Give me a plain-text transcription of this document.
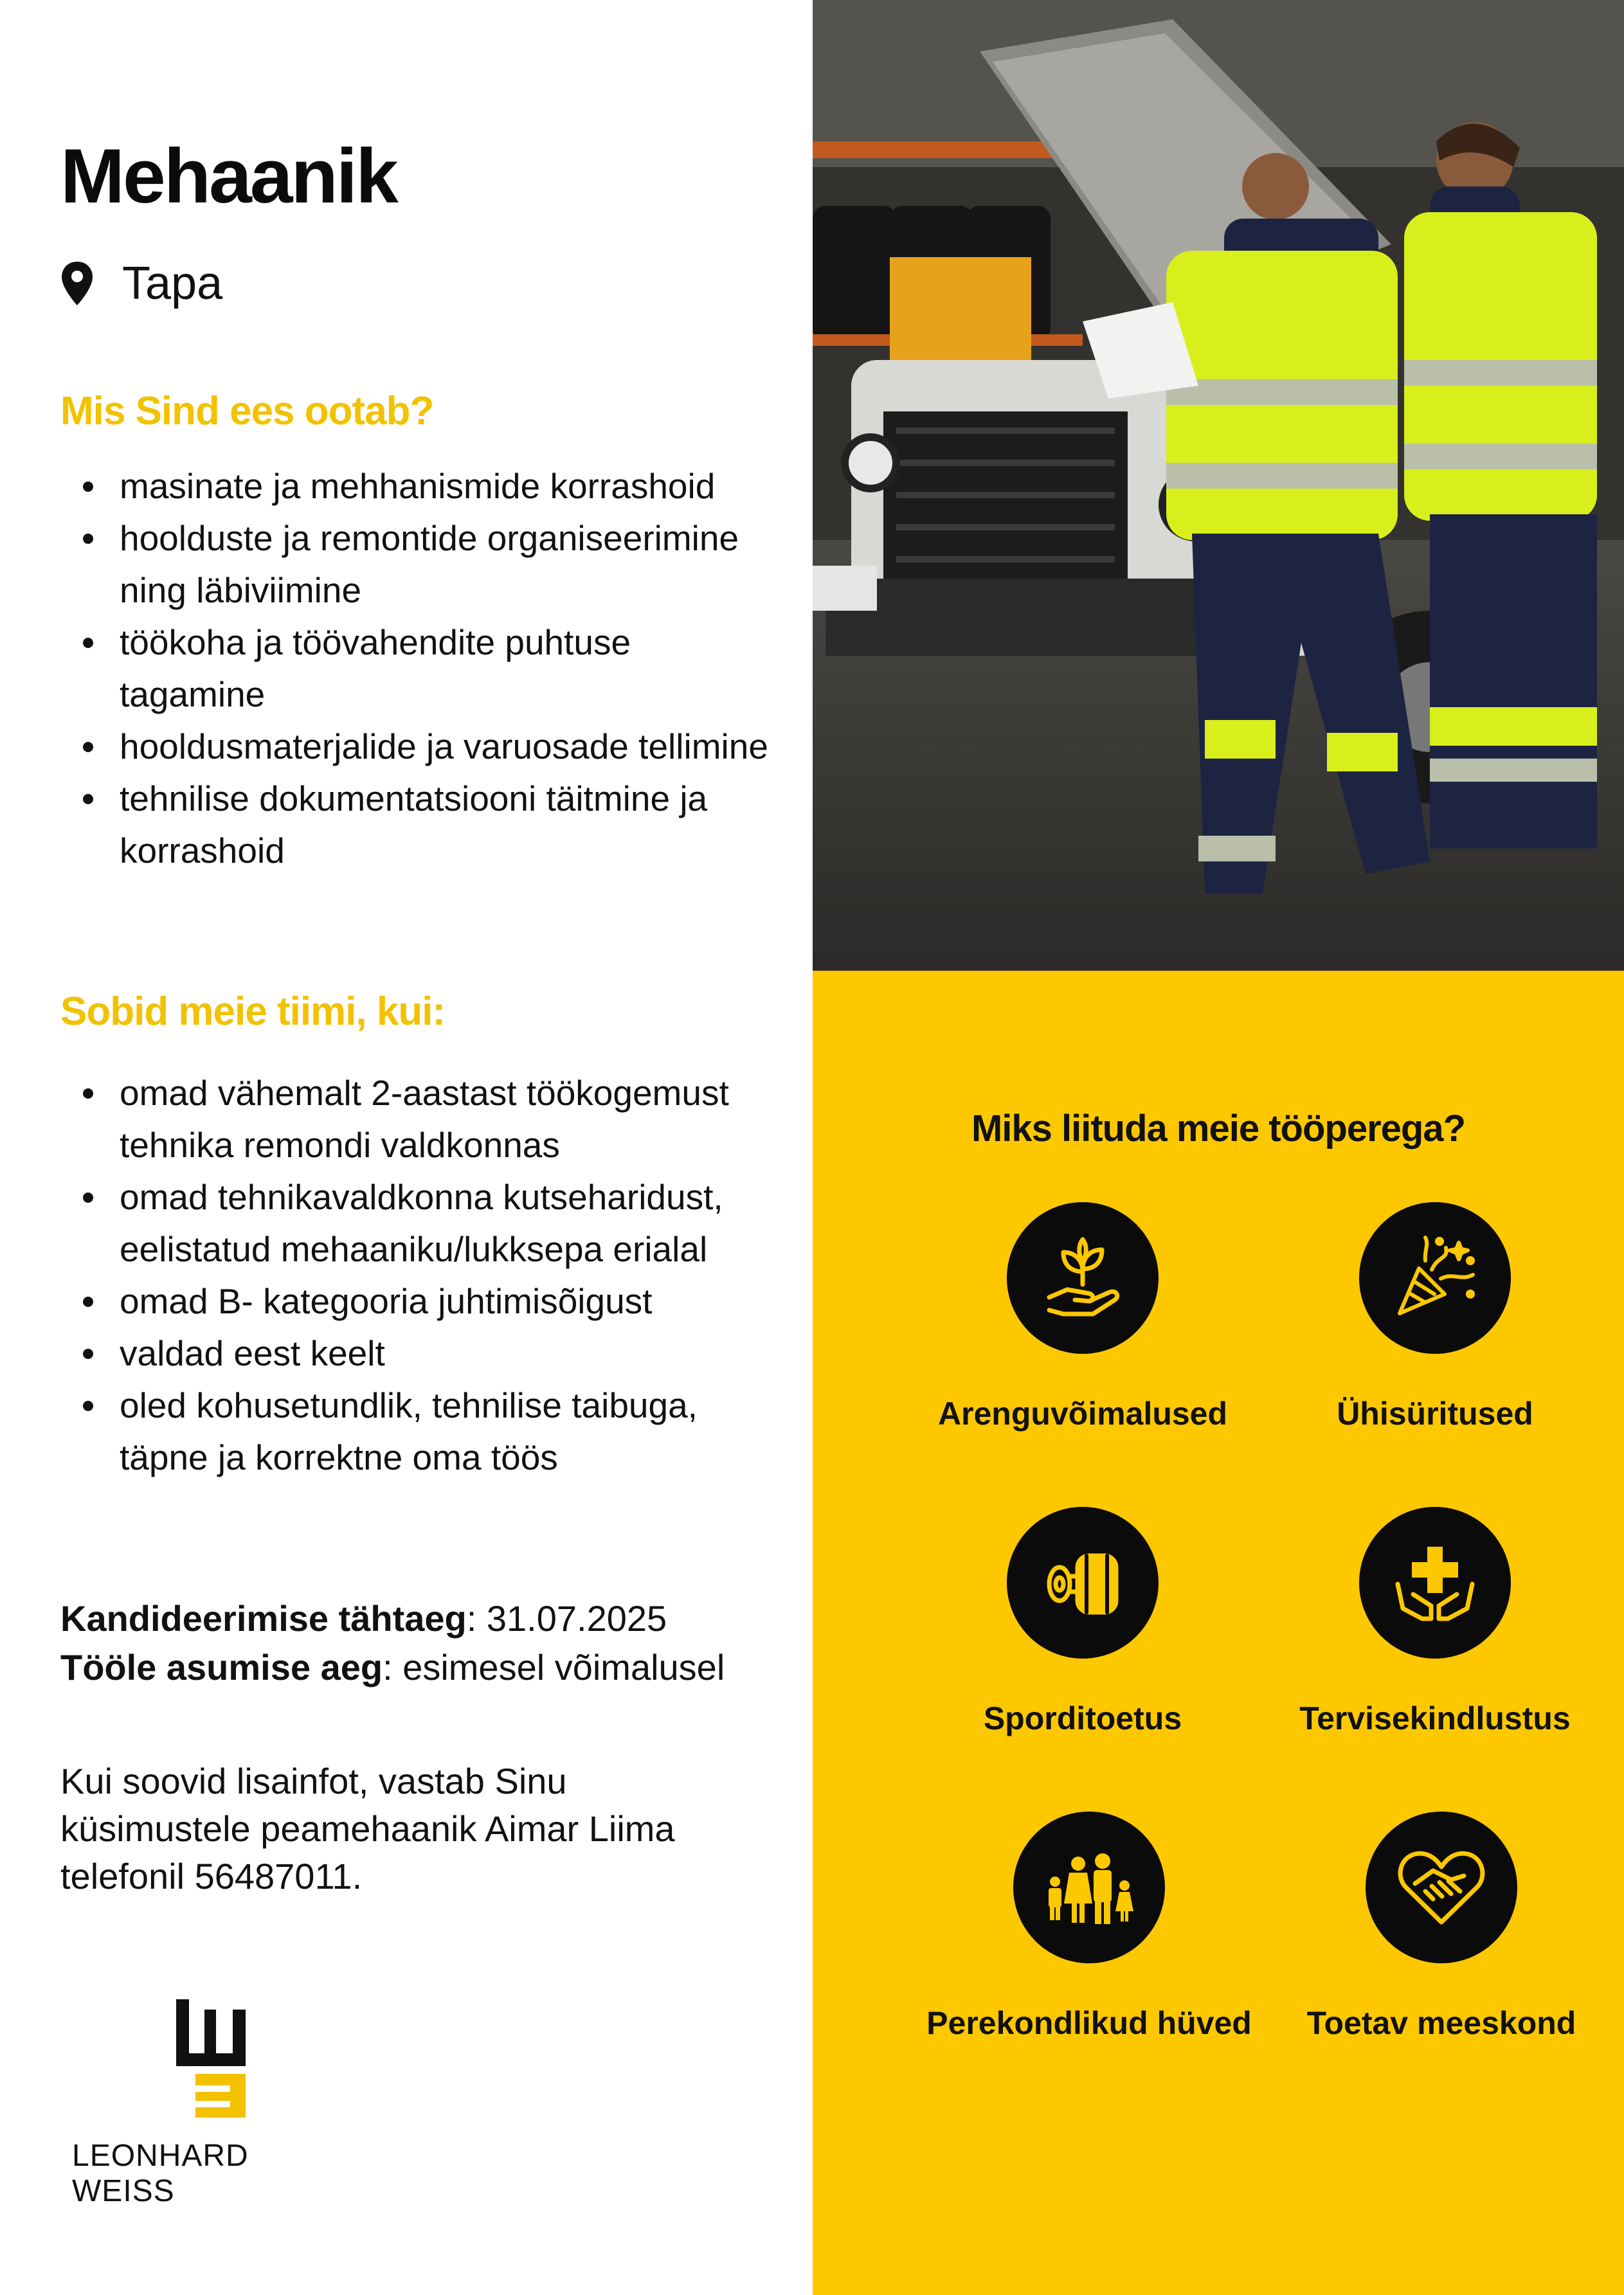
Mehaanik
Tapa
Mis Sind ees ootab?
masinate ja mehhanismide korrashoid
hoolduste ja remontide organiseerimine ning läbiviimine
töökoha ja töövahendite puhtuse tagamine
hooldusmaterjalide ja varuosade tellimine
tehnilise dokumentatsiooni täitmine ja korrashoid
Sobid meie tiimi, kui:
omad vähemalt 2-aastast töökogemust tehnika remondi valdkonnas
omad tehnikavaldkonna kutseharidust, eelistatud mehaaniku/lukksepa erialal
omad B- kategooria juhtimisõigust
valdad eest keelt
oled kohusetundlik, tehnilise taibuga, täpne ja korrektne oma töös
Kandideerimise tähtaeg: 31.07.2025
Tööle asumise aeg: esimesel võimalusel
Kui soovid lisainfot, vastab Sinu küsimustele peamehaanik Aimar Liima telefonil 56487011.
LEONHARD WEISS
Miks liituda meie tööperega?
Arenguvõimalused	Ühisüritused
Sporditoetus	Tervisekindlustus
Perekondlikud hüved	Toetav meeskond
